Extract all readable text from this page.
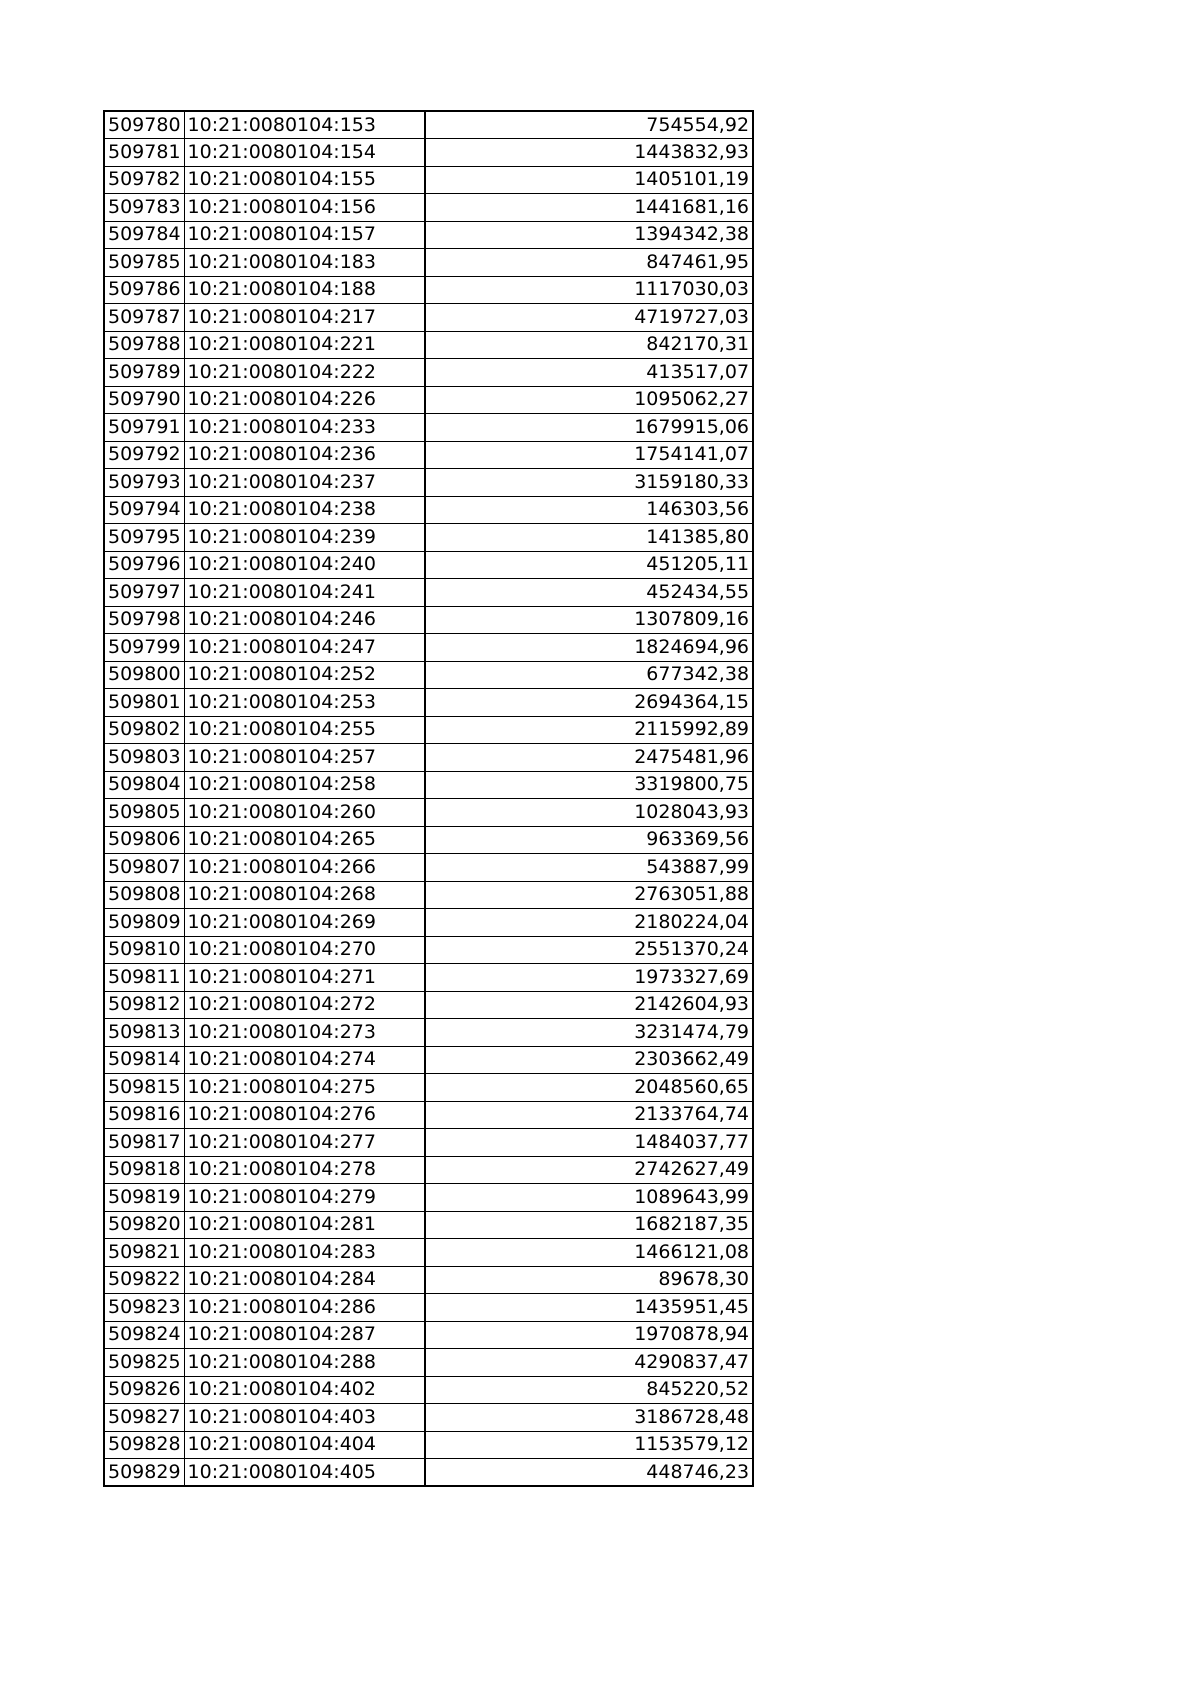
509780	10:21:0080104:153	754554,92
509781	10:21:0080104:154	1443832,93
509782	10:21:0080104:155	1405101,19
509783	10:21:0080104:156	1441681,16
509784	10:21:0080104:157	1394342,38
509785	10:21:0080104:183	847461,95
509786	10:21:0080104:188	1117030,03
509787	10:21:0080104:217	4719727,03
509788	10:21:0080104:221	842170,31
509789	10:21:0080104:222	413517,07
509790	10:21:0080104:226	1095062,27
509791	10:21:0080104:233	1679915,06
509792	10:21:0080104:236	1754141,07
509793	10:21:0080104:237	3159180,33
509794	10:21:0080104:238	146303,56
509795	10:21:0080104:239	141385,80
509796	10:21:0080104:240	451205,11
509797	10:21:0080104:241	452434,55
509798	10:21:0080104:246	1307809,16
509799	10:21:0080104:247	1824694,96
509800	10:21:0080104:252	677342,38
509801	10:21:0080104:253	2694364,15
509802	10:21:0080104:255	2115992,89
509803	10:21:0080104:257	2475481,96
509804	10:21:0080104:258	3319800,75
509805	10:21:0080104:260	1028043,93
509806	10:21:0080104:265	963369,56
509807	10:21:0080104:266	543887,99
509808	10:21:0080104:268	2763051,88
509809	10:21:0080104:269	2180224,04
509810	10:21:0080104:270	2551370,24
509811	10:21:0080104:271	1973327,69
509812	10:21:0080104:272	2142604,93
509813	10:21:0080104:273	3231474,79
509814	10:21:0080104:274	2303662,49
509815	10:21:0080104:275	2048560,65
509816	10:21:0080104:276	2133764,74
509817	10:21:0080104:277	1484037,77
509818	10:21:0080104:278	2742627,49
509819	10:21:0080104:279	1089643,99
509820	10:21:0080104:281	1682187,35
509821	10:21:0080104:283	1466121,08
509822	10:21:0080104:284	89678,30
509823	10:21:0080104:286	1435951,45
509824	10:21:0080104:287	1970878,94
509825	10:21:0080104:288	4290837,47
509826	10:21:0080104:402	845220,52
509827	10:21:0080104:403	3186728,48
509828	10:21:0080104:404	1153579,12
509829	10:21:0080104:405	448746,23
